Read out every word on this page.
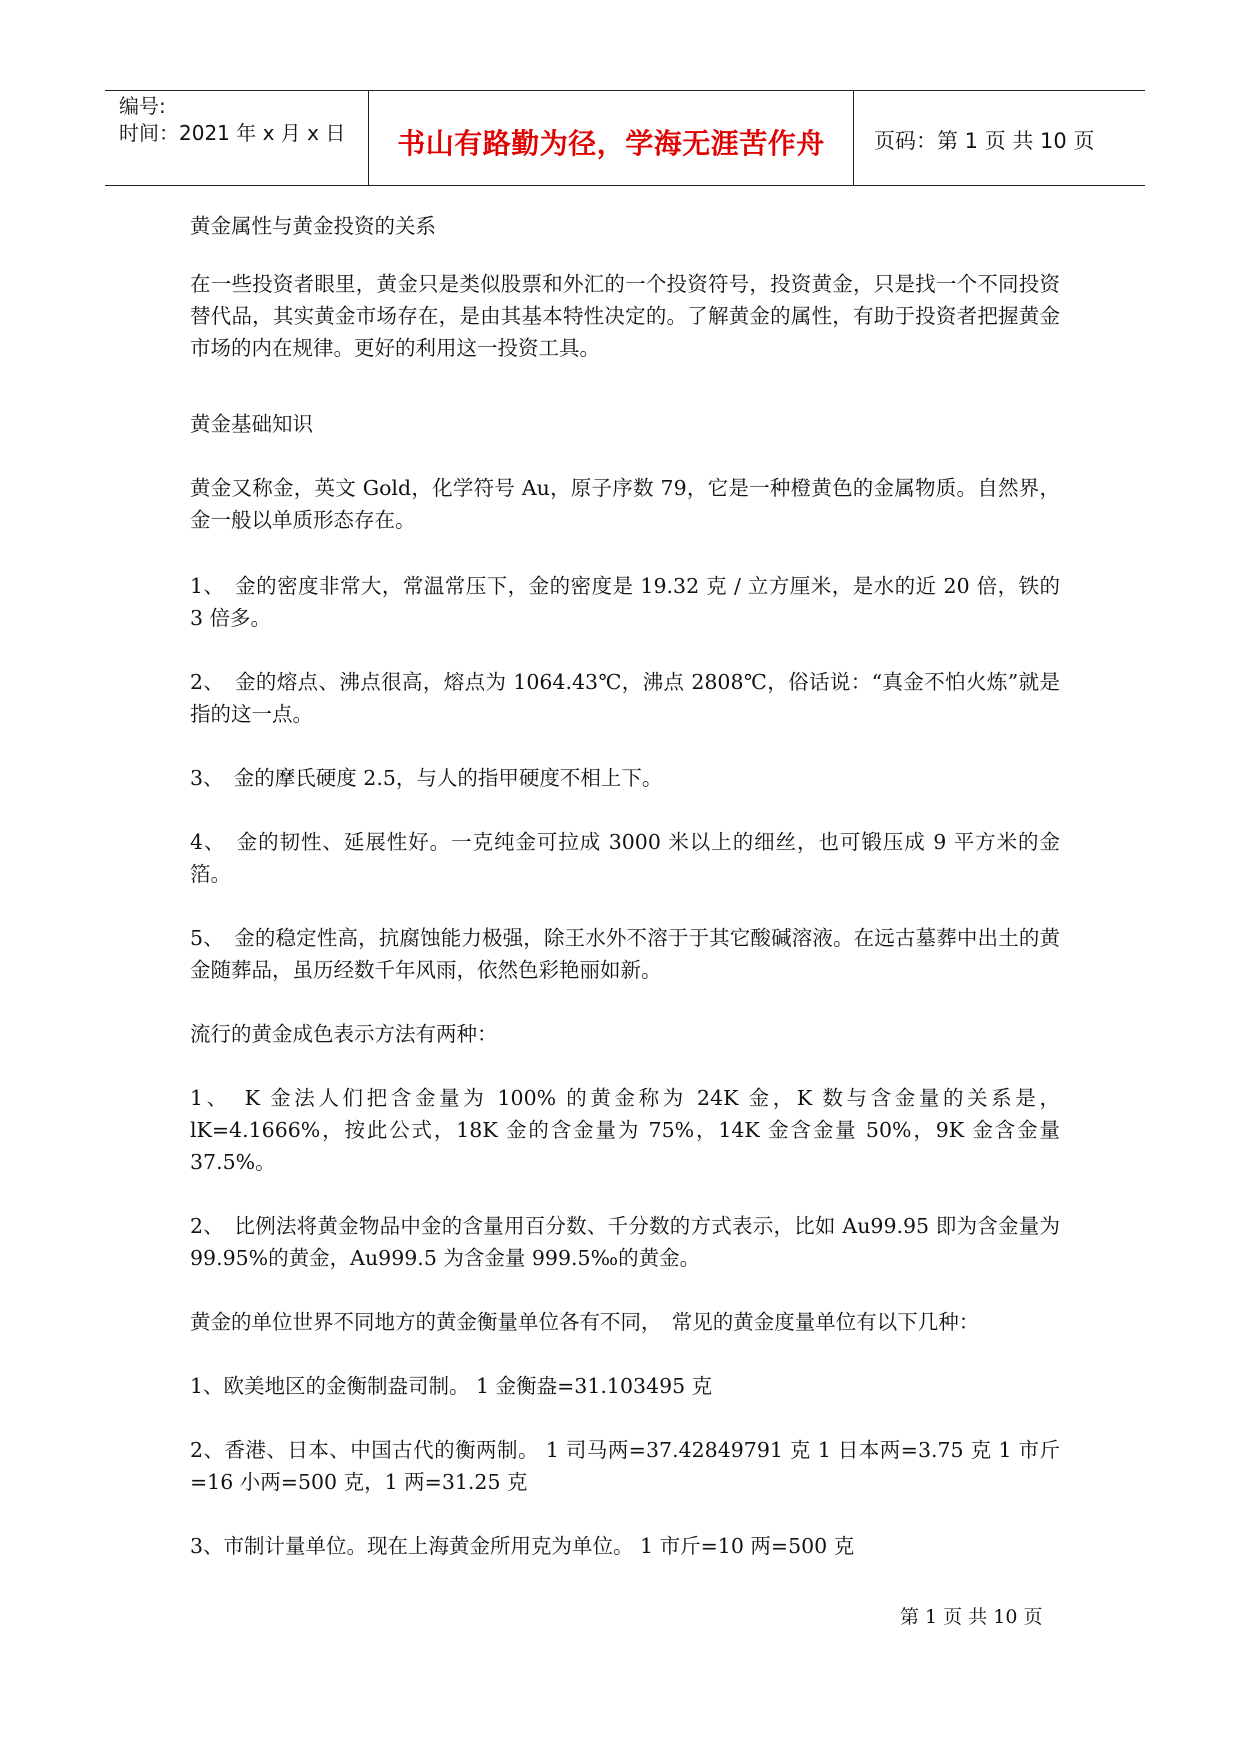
编号:
时间：2021 年 x 月 x 日	书山有路勤为径，学海无涯苦作舟	页码：第 1 页 共 10 页

黄金属性与黄金投资的关系

在一些投资者眼里，黄金只是类似股票和外汇的一个投资符号，投资黄金，只是找一个不同投资替代品，其实黄金市场存在，是由其基本特性决定的。了解黄金的属性，有助于投资者把握黄金市场的内在规律。更好的利用这一投资工具。

黄金基础知识

黄金又称金，英文 Gold，化学符号 Au，原子序数 79，它是一种橙黄色的金属物质。自然界，金一般以单质形态存在。

1、　金的密度非常大，常温常压下，金的密度是 19.32 克 / 立方厘米，是水的近 20 倍，铁的 3 倍多。

2、　金的熔点、沸点很高，熔点为 1064.43℃，沸点 2808℃，俗话说：“真金不怕火炼”就是指的这一点。

3、　金的摩氏硬度 2.5，与人的指甲硬度不相上下。

4、　金的韧性、延展性好。一克纯金可拉成 3000 米以上的细丝，也可锻压成 9 平方米的金箔。

5、　金的稳定性高，抗腐蚀能力极强，除王水外不溶于于其它酸碱溶液。在远古墓葬中出土的黄金随葬品，虽历经数千年风雨，依然色彩艳丽如新。

流行的黄金成色表示方法有两种：

1、　K 金法人们把含金量为 100% 的黄金称为 24K 金，K 数与含金量的关系是，lK=4.1666%，按此公式，18K 金的含金量为 75%，14K 金含金量 50%，9K 金含金量 37.5%。

2、　比例法将黄金物品中金的含量用百分数、千分数的方式表示，比如 Au99.95 即为含金量为 99.95%的黄金，Au999.5 为含金量 999.5‰的黄金。

黄金的单位世界不同地方的黄金衡量单位各有不同，　常见的黄金度量单位有以下几种：

1、欧美地区的金衡制盎司制。 1 金衡盎=31.103495 克

2、香港、日本、中国古代的衡两制。 1 司马两=37.42849791 克 1 日本两=3.75 克 1 市斤=16 小两=500 克，1 两=31.25 克

3、市制计量单位。现在上海黄金所用克为单位。 1 市斤=10 两=500 克

第 1 页 共 10 页
